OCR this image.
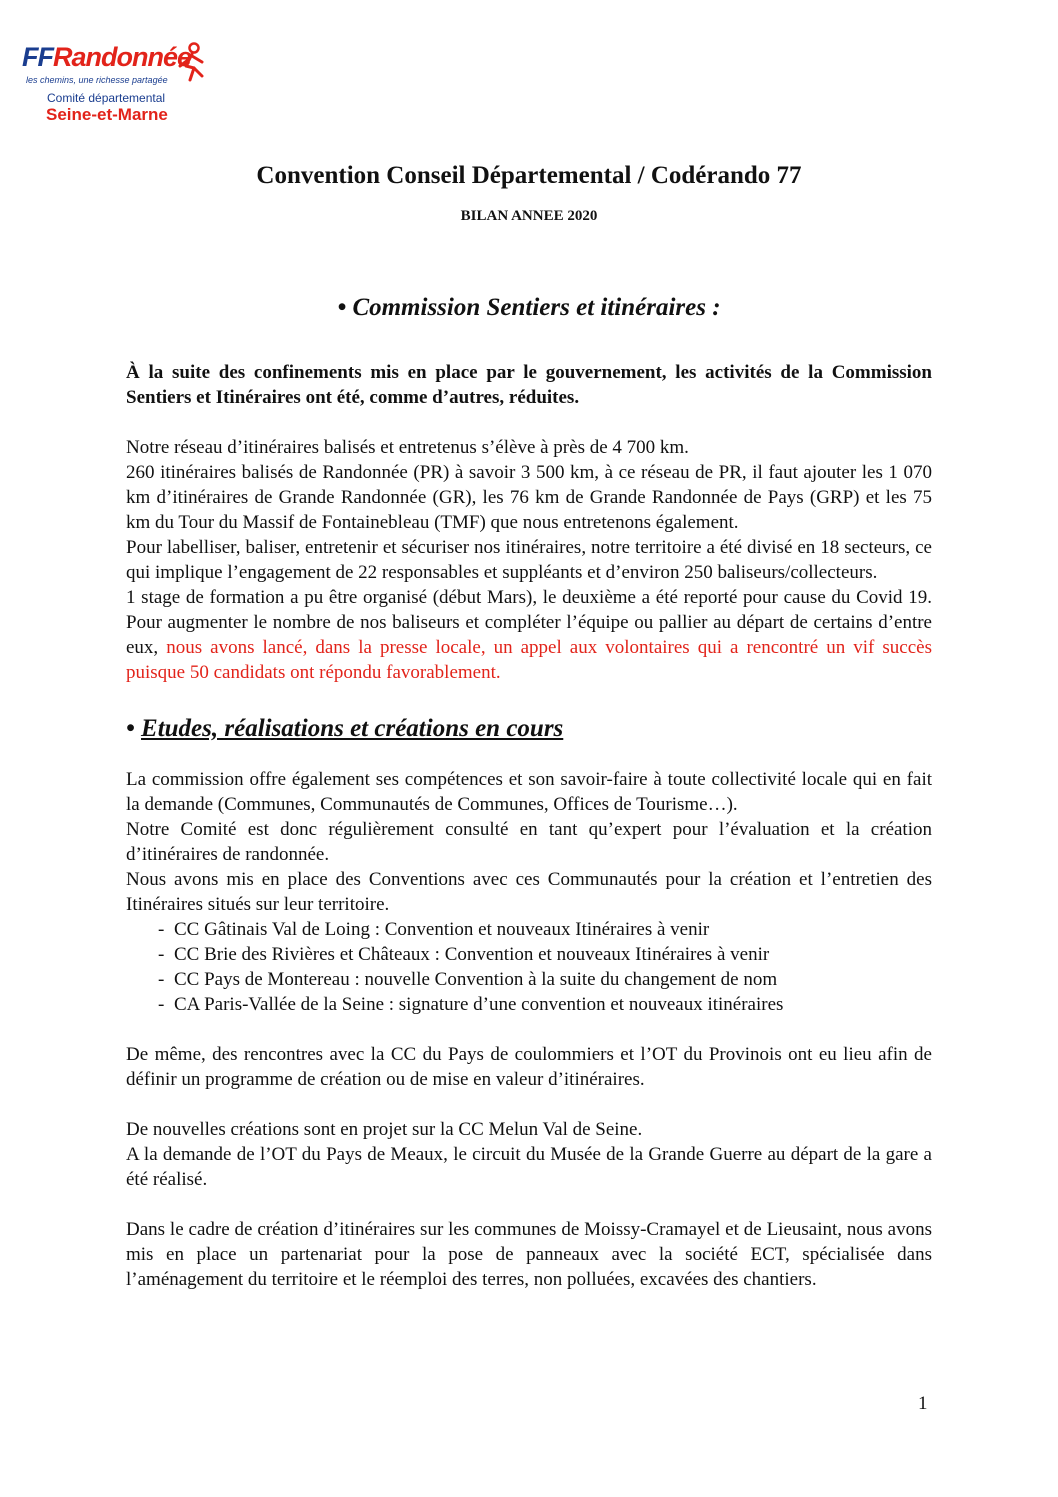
FFRandonnée
les chemins, une richesse partagée
Comité départemental
Seine-et-Marne
Convention Conseil Départemental / Codérando 77
BILAN ANNEE 2020
• Commission Sentiers et itinéraires :

À la suite des confinements mis en place par le gouvernement, les activités de la Commission Sentiers et Itinéraires ont été, comme d’autres, réduites.

Notre réseau d’itinéraires balisés et entretenus s’élève à près de 4 700 km.

260 itinéraires balisés de Randonnée (PR) à savoir 3 500 km, à ce réseau de PR, il faut ajouter les 1 070 km d’itinéraires de Grande Randonnée (GR), les 76 km de Grande Randonnée de Pays (GRP) et les 75 km du Tour du Massif de Fontainebleau (TMF) que nous entretenons également.

Pour labelliser, baliser, entretenir et sécuriser nos itinéraires, notre territoire a été divisé en 18 secteurs, ce qui implique l’engagement de 22 responsables et suppléants et d’environ 250 baliseurs/collecteurs.

1 stage de formation a pu être organisé (début Mars), le deuxième a été reporté pour cause du Covid 19. Pour augmenter le nombre de nos baliseurs et compléter l’équipe ou pallier au départ de certains d’entre eux, nous avons lancé, dans la presse locale, un appel aux volontaires qui a rencontré un vif succès puisque 50 candidats ont répondu favorablement.

• Etudes, réalisations et créations en cours

La commission offre également ses compétences et son savoir-faire à toute collectivité locale qui en fait la demande (Communes, Communautés de Communes, Offices de Tourisme…).

Notre Comité est donc régulièrement consulté en tant qu’expert pour l’évaluation et la création d’itinéraires de randonnée.

Nous avons mis en place des Conventions avec ces Communautés pour la création et l’entretien des Itinéraires situés sur leur territoire.

- CC Gâtinais Val de Loing : Convention et nouveaux Itinéraires à venir
- CC Brie des Rivières et Châteaux : Convention et nouveaux Itinéraires à venir
- CC Pays de Montereau : nouvelle Convention à la suite du changement de nom
- CA Paris-Vallée de la Seine : signature d’une convention et nouveaux itinéraires

De même, des rencontres avec la CC du Pays de coulommiers et l’OT du Provinois ont eu lieu afin de définir un programme de création ou de mise en valeur d’itinéraires.

De nouvelles créations sont en projet sur la CC Melun Val de Seine.

A la demande de l’OT du Pays de Meaux, le circuit du Musée de la Grande Guerre au départ de la gare a été réalisé.

Dans le cadre de création d’itinéraires sur les communes de Moissy-Cramayel et de Lieusaint, nous avons mis en place un partenariat pour la pose de panneaux avec la société ECT, spécialisée dans l’aménagement du territoire et le réemploi des terres, non polluées, excavées des chantiers.

1
